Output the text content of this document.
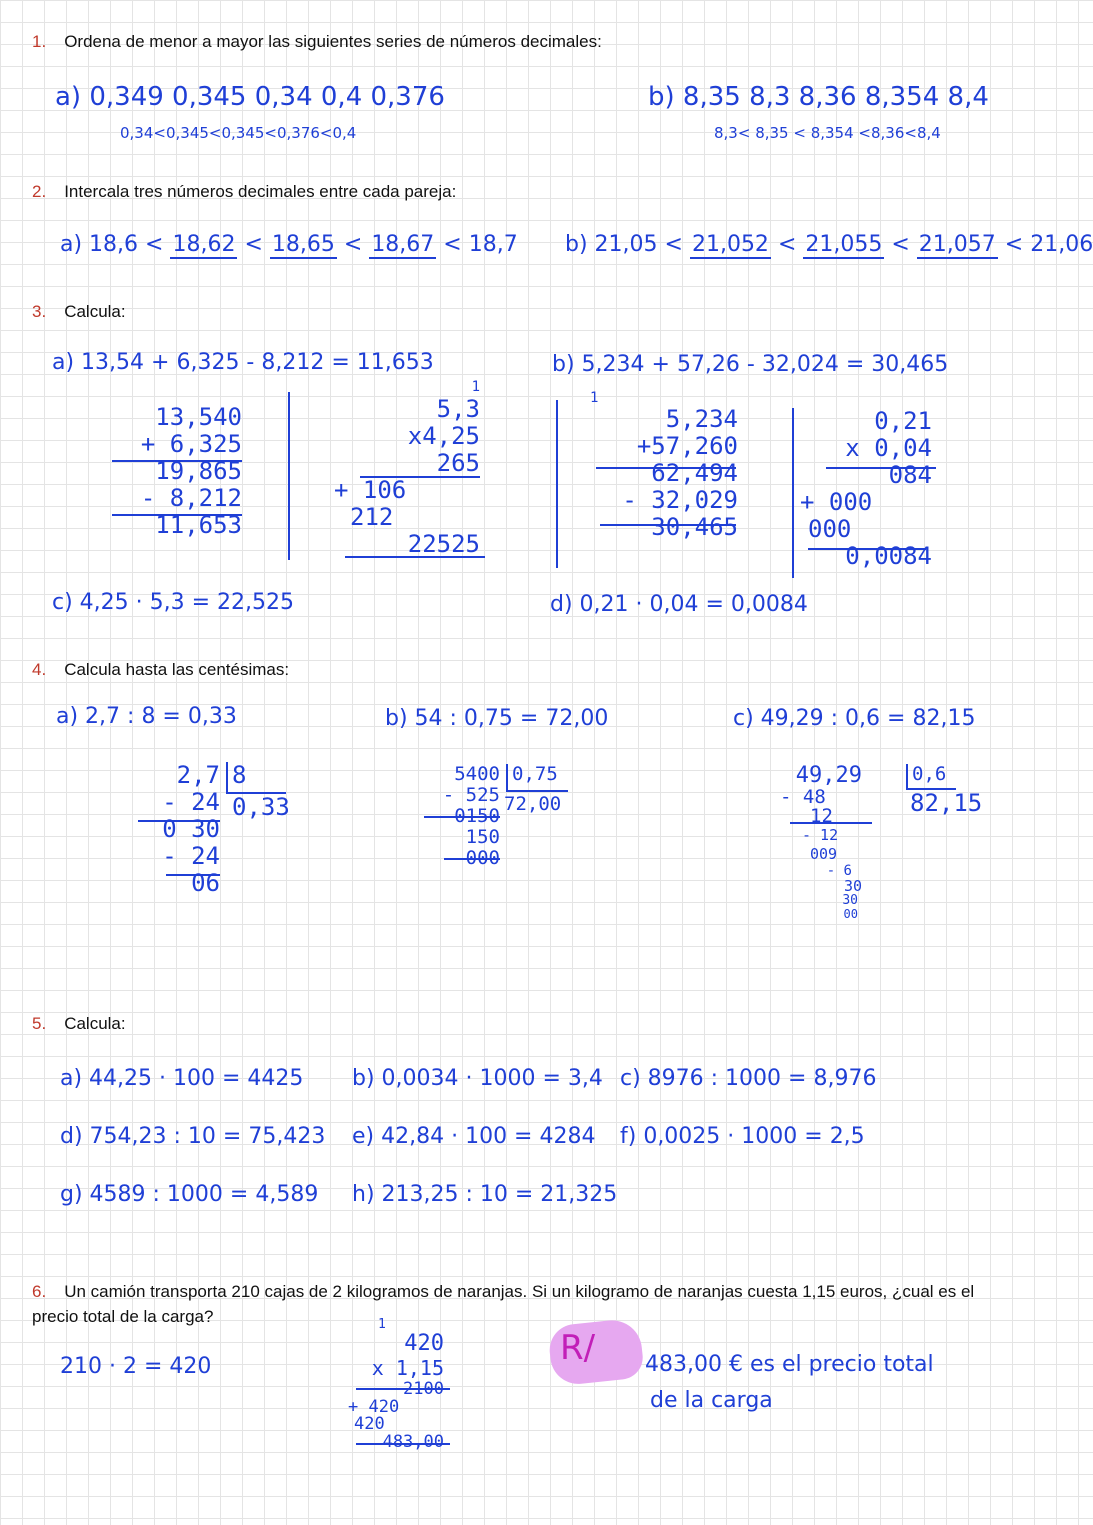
1. Ordena de menor a mayor las siguientes series de números decimales:
a) 0,349 0,345 0,34 0,4 0,376
0,34<0,345<0,345<0,376<0,4
b) 8,35 8,3 8,36 8,354 8,4
8,3< 8,35 < 8,354 <8,36<8,4
2. Intercala tres números decimales entre cada pareja:
a) 18,6 < 18,62 < 18,65 < 18,67 < 18,7 b) 21,05 < 21,052 < 21,055 < 21,057 < 21,06
3. Calcula:
a) 13,54 + 6,325 - 8,212 = 11,653
13,540
+ 6,325
19,865
- 8,212
11,653
1
5,3
x4,25
265
+ 106
212
22525
c) 4,25 · 5,3 = 22,525
b) 5,234 + 57,26 - 32,024 = 30,465
1
5,234
+57,260
62,494
- 32,029
30,465
0,21
x 0,04
084
+ 000
000
0,0084
d) 0,21 · 0,04 = 0,0084
4. Calcula hasta las centésimas:
a) 2,7 : 8 = 0,33
2,7
- 24
0 30
- 24
06
8
0,33
b) 54 : 0,75 = 72,00
5400
- 525
0150
150
000
0,75
72,00
c) 49,29 : 0,6 = 82,15
49,29
- 48
12
- 12
009
- 6
30
30
00
0,6
82,15
5. Calcula:
a) 44,25 · 100 = 4425 b) 0,0034 · 1000 = 3,4 c) 8976 : 1000 = 8,976
d) 754,23 : 10 = 75,423 e) 42,84 · 100 = 4284 f) 0,0025 · 1000 = 2,5
g) 4589 : 1000 = 4,589 h) 213,25 : 10 = 21,325
6. Un camión transporta 210 cajas de 2 kilogramos de naranjas. Si un kilogramo de naranjas cuesta 1,15 euros, ¿cual es el
precio total de la carga?
210 · 2 = 420
1
420
x 1,15
2100
+ 420
420
483,00
R/ 483,00 € es el precio total
de la carga
